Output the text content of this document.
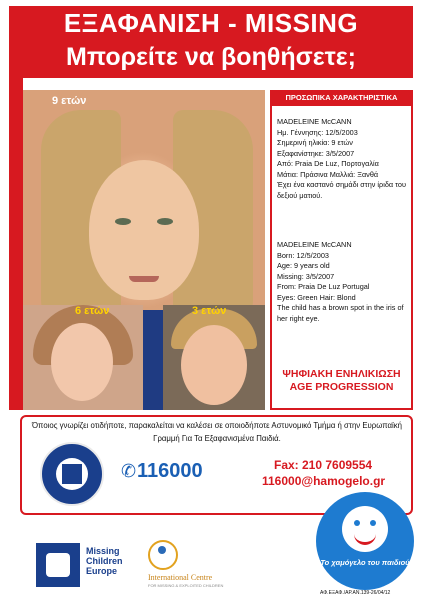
ΕΞΑΦΑΝΙΣΗ - MISSING
Μπορείτε να βοηθήσετε;
9 ετών
6 ετών	3 ετών
ΠΡΟΣΩΠΙΚΑ ΧΑΡΑΚΤΗΡΙΣΤΙΚΑ
MADELEINE McCANN
Ημ. Γέννησης: 12/5/2003
Σημερινή ηλικία: 9 ετών
Εξαφανίστηκε: 3/5/2007
Από: Praia De Luz, Πορτογαλία
Μάτια: Πράσινα Μαλλιά: Ξανθά
Έχει ένα καστανό σημάδι στην ίριδα του δεξιού ματιού.
MADELEINE McCANN
Born: 12/5/2003
Age: 9 years old
Missing: 3/5/2007
From: Praia De Luz Portugal
Eyes: Green Hair: Blond
The child has a brown spot in the iris of her right eye.
ΨΗΦΙΑΚΗ ΕΝΗΛΙΚΙΩΣΗ
AGE PROGRESSION
Όποιος γνωρίζει οτιδήποτε, παρακαλείται να καλέσει σε οποιοδήποτε Αστυνομικό Τμήμα ή στην Ευρωπαϊκή Γραμμή Για Τα Εξαφανισμένα Παιδιά.
✆ 116000	Fax: 210 7609554
116000@hamogelo.gr
Το χαμόγελο του παιδιού
Missing
Children
Europe
International Centre
FOR MISSING & EXPLOITED CHILDREN
ΑΦ.ΕΞΑΦ./ΑΡ.ΑΝ.139-26/04/12
